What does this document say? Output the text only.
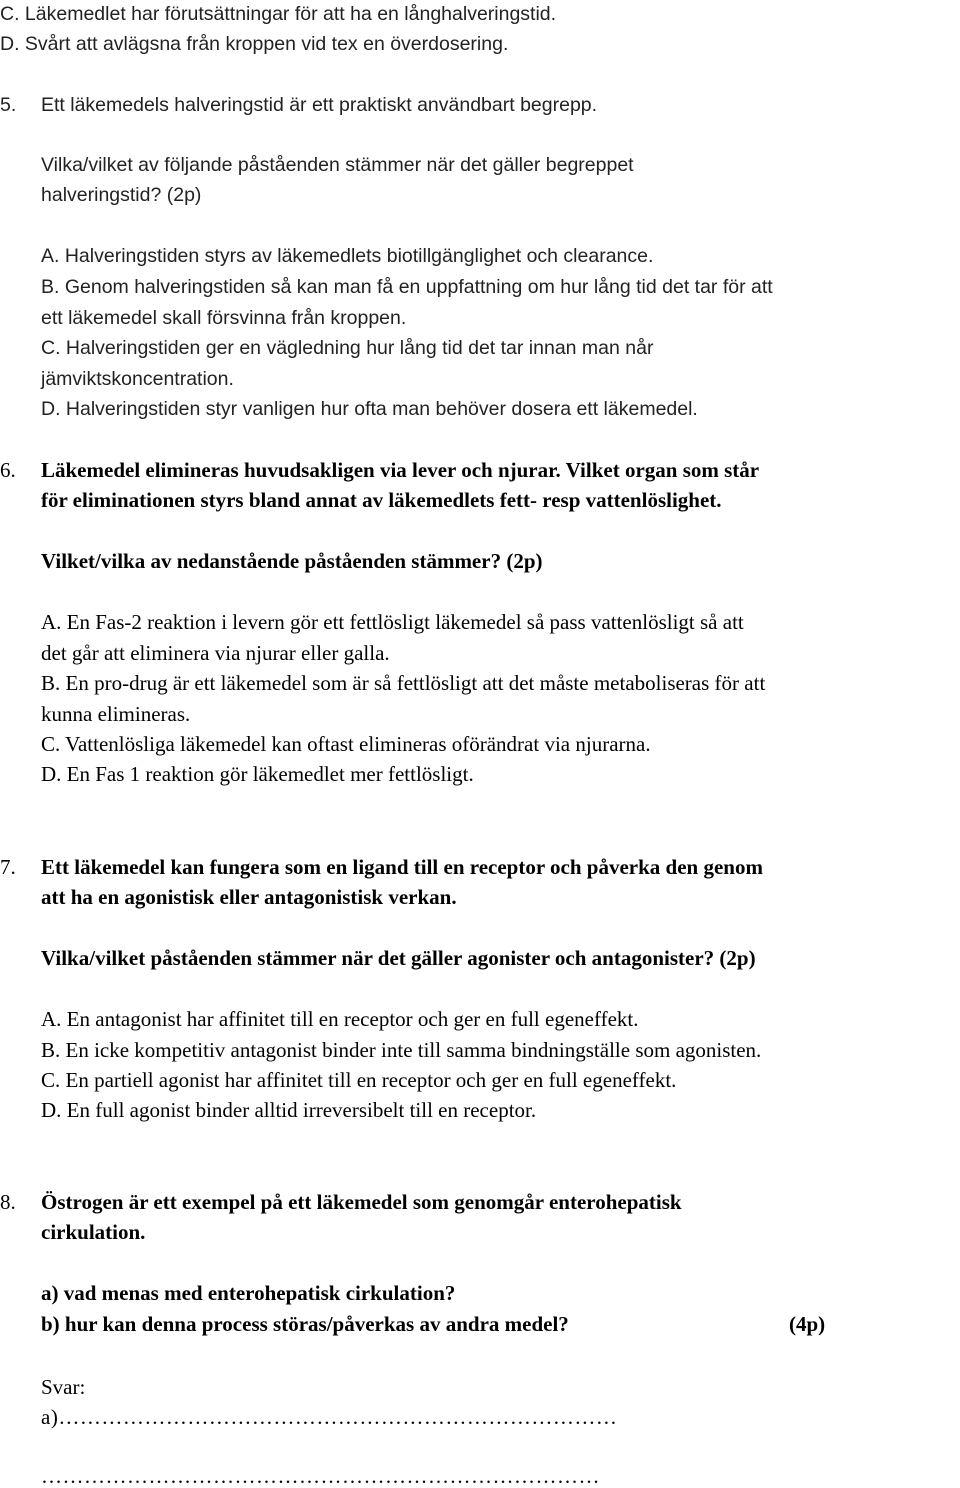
C. Läkemedlet har förutsättningar för att ha en långhalveringstid.

D. Svårt att avlägsna från kroppen vid tex en överdosering.

5. Ett läkemedels halveringstid är ett praktiskt användbart begrepp.

Vilka/vilket av följande påståenden stämmer när det gäller begreppet

halveringstid? (2p)

A. Halveringstiden styrs av läkemedlets biotillgänglighet och clearance.

B. Genom halveringstiden så kan man få en uppfattning om hur lång tid det tar för att

ett läkemedel skall försvinna från kroppen.

C. Halveringstiden ger en vägledning hur lång tid det tar innan man når

jämviktskoncentration.

D. Halveringstiden styr vanligen hur ofta man behöver dosera ett läkemedel.

6. Läkemedel elimineras huvudsakligen via lever och njurar. Vilket organ som står

för eliminationen styrs bland annat av läkemedlets fett- resp vattenlöslighet.

Vilket/vilka av nedanstående påståenden stämmer? (2p)

A. En Fas-2 reaktion i levern gör ett fettlösligt läkemedel så pass vattenlösligt så att

det går att eliminera via njurar eller galla.

B. En pro-drug är ett läkemedel som är så fettlösligt att det måste metaboliseras för att

kunna elimineras.

C. Vattenlösliga läkemedel kan oftast elimineras oförändrat via njurarna.

D. En Fas 1 reaktion gör läkemedlet mer fettlösligt.

7. Ett läkemedel kan fungera som en ligand till en receptor och påverka den genom

att ha en agonistisk eller antagonistisk verkan.

Vilka/vilket påståenden stämmer när det gäller agonister och antagonister? (2p)

A. En antagonist har affinitet till en receptor och ger en full egeneffekt.

B. En icke kompetitiv antagonist binder inte till samma bindningställe som agonisten.

C. En partiell agonist har affinitet till en receptor och ger en full egeneffekt.

D. En full agonist binder alltid irreversibelt till en receptor.

8. Östrogen är ett exempel på ett läkemedel som genomgår enterohepatisk

cirkulation.

a) vad menas med enterohepatisk cirkulation?

b) hur kan denna process störas/påverkas av andra medel?	(4p)

Svar:

a)……………………………………………………………………

……………………………………………………………………
